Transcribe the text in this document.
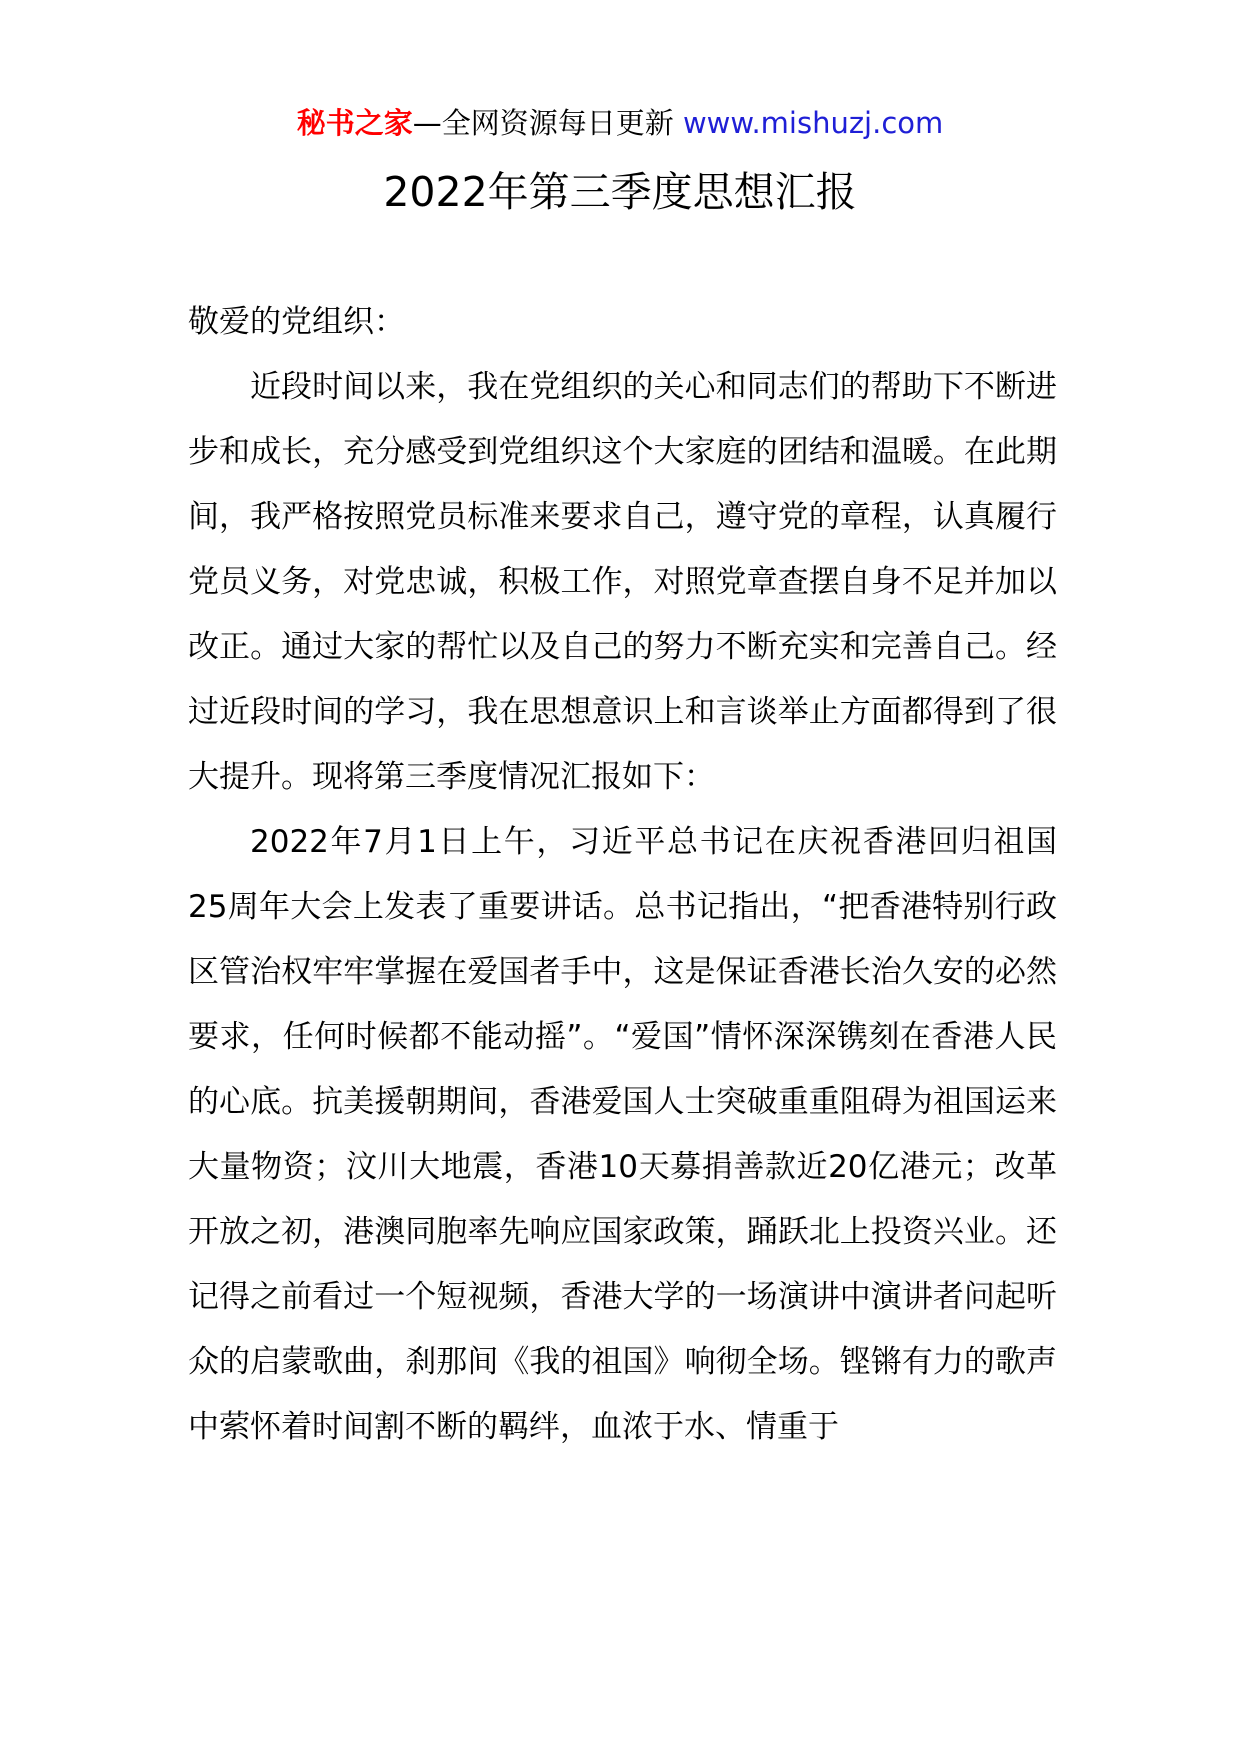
秘书之家—全网资源每日更新 www.mishuzj.com
2022年第三季度思想汇报

敬爱的党组织：

近段时间以来，我在党组织的关心和同志们的帮助下不断进步和成长，充分感受到党组织这个大家庭的团结和温暖。在此期间，我严格按照党员标准来要求自己，遵守党的章程，认真履行党员义务，对党忠诚，积极工作，对照党章查摆自身不足并加以改正。通过大家的帮忙以及自己的努力不断充实和完善自己。经过近段时间的学习，我在思想意识上和言谈举止方面都得到了很大提升。现将第三季度情况汇报如下：

2022年7月1日上午，习近平总书记在庆祝香港回归祖国25周年大会上发表了重要讲话。总书记指出，“把香港特别行政区管治权牢牢掌握在爱国者手中，这是保证香港长治久安的必然要求，任何时候都不能动摇”。“爱国”情怀深深镌刻在香港人民的心底。抗美援朝期间，香港爱国人士突破重重阻碍为祖国运来大量物资；汶川大地震，香港10天募捐善款近20亿港元；改革开放之初，港澳同胞率先响应国家政策，踊跃北上投资兴业。还记得之前看过一个短视频，香港大学的一场演讲中演讲者问起听众的启蒙歌曲，刹那间《我的祖国》响彻全场。铿锵有力的歌声中萦怀着时间割不断的羁绊，血浓于水、情重于
